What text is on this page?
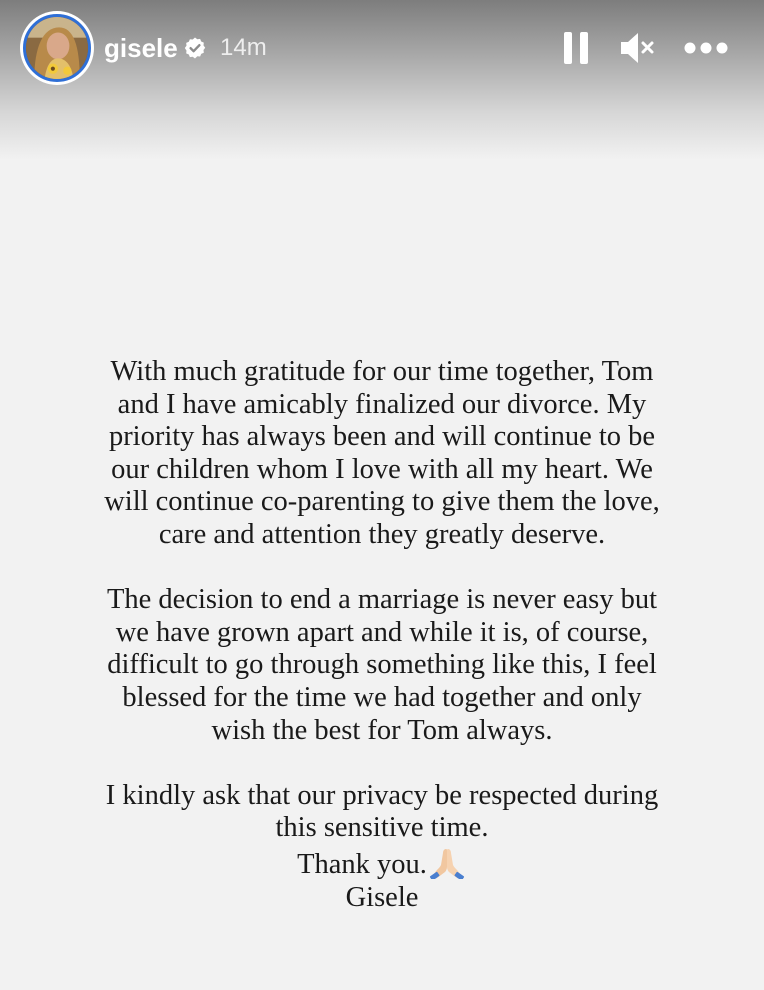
gisele 14m

With much gratitude for our time together, Tom
and I have amicably finalized our divorce. My
priority has always been and will continue to be
our children whom I love with all my heart. We
will continue co-parenting to give them the love,
care and attention they greatly deserve.

The decision to end a marriage is never easy but
we have grown apart and while it is, of course,
difficult to go through something like this, I feel
blessed for the time we had together and only
wish the best for Tom always.

I kindly ask that our privacy be respected during
this sensitive time.
Thank you.
Gisele
